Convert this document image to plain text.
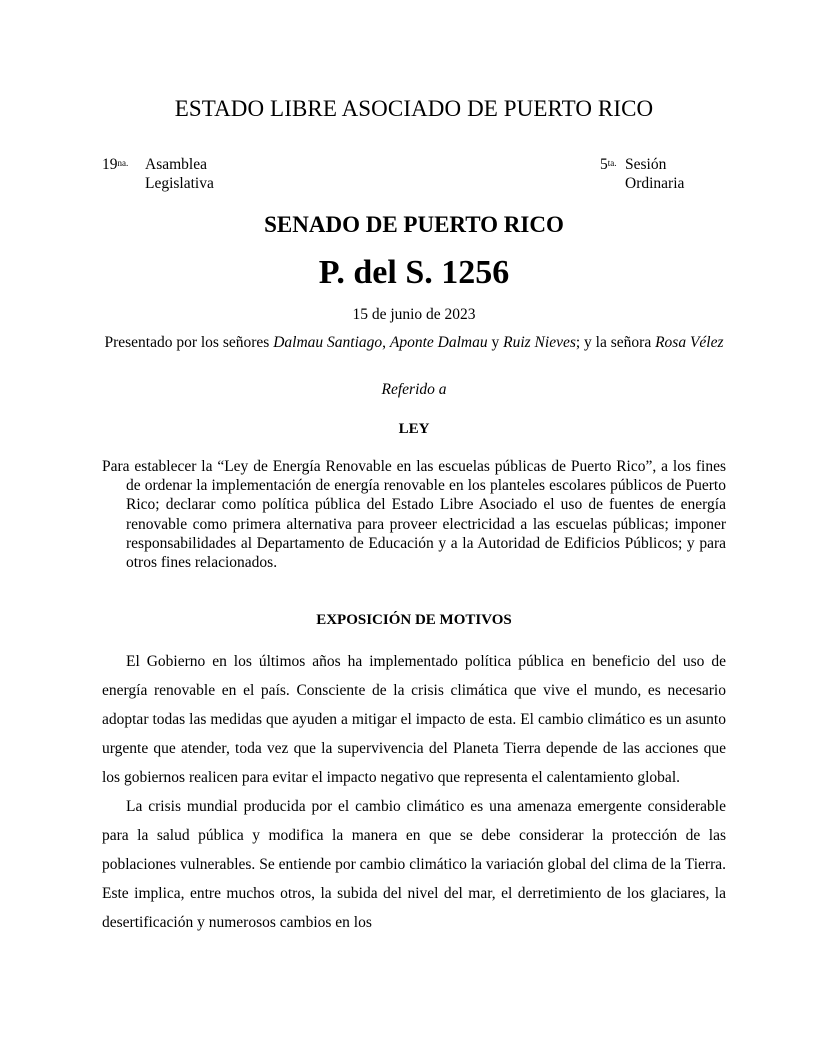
ESTADO LIBRE ASOCIADO DE PUERTO RICO
$19^{na.}$ Asamblea
Legislativa
$5^{ta.}$ Sesión
Ordinaria
SENADO DE PUERTO RICO
P. del S. 1256
15 de junio de 2023
Presentado por los señores Dalmau Santiago, Aponte Dalmau y Ruiz Nieves; y la señora Rosa Vélez
Referido a
LEY
Para establecer la “Ley de Energía Renovable en las escuelas públicas de Puerto Rico”, a los fines de ordenar la implementación de energía renovable en los planteles escolares públicos de Puerto Rico; declarar como política pública del Estado Libre Asociado el uso de fuentes de energía renovable como primera alternativa para proveer electricidad a las escuelas públicas; imponer responsabilidades al Departamento de Educación y a la Autoridad de Edificios Públicos; y para otros fines relacionados.
EXPOSICIÓN DE MOTIVOS

El Gobierno en los últimos años ha implementado política pública en beneficio del uso de energía renovable en el país. Consciente de la crisis climática que vive el mundo, es necesario adoptar todas las medidas que ayuden a mitigar el impacto de esta. El cambio climático es un asunto urgente que atender, toda vez que la supervivencia del Planeta Tierra depende de las acciones que los gobiernos realicen para evitar el impacto negativo que representa el calentamiento global.

La crisis mundial producida por el cambio climático es una amenaza emergente considerable para la salud pública y modifica la manera en que se debe considerar la protección de las poblaciones vulnerables. Se entiende por cambio climático la variación global del clima de la Tierra. Este implica, entre muchos otros, la subida del nivel del mar, el derretimiento de los glaciares, la desertificación y numerosos cambios en los
